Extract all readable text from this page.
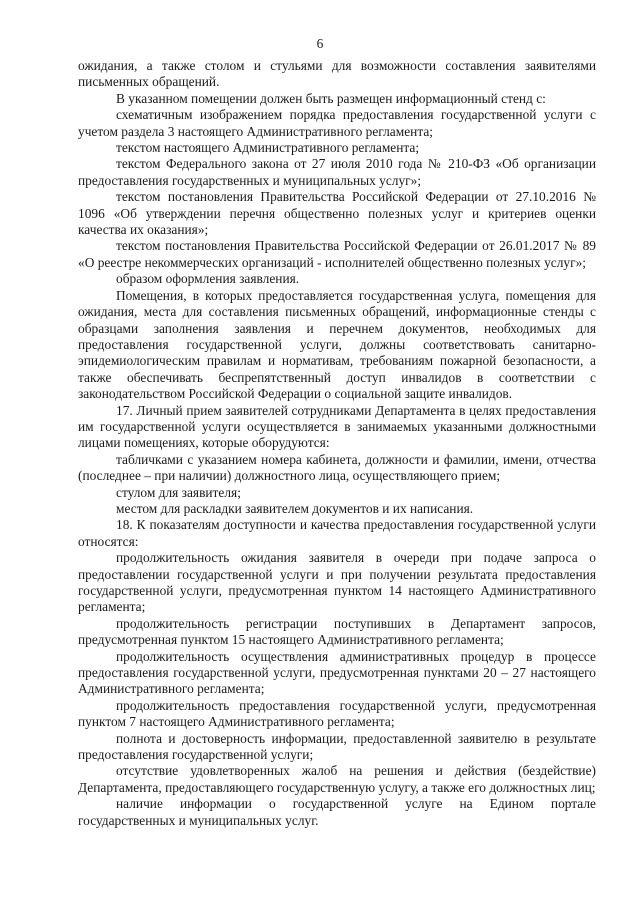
6

ожидания, а также столом и стульями для возможности составления заявителями письменных обращений.

В указанном помещении должен быть размещен информационный стенд с:

схематичным изображением порядка предоставления государственной услуги с учетом раздела 3 настоящего Административного регламента;

текстом настоящего Административного регламента;

текстом Федерального закона от 27 июля 2010 года № 210-ФЗ «Об организации предоставления государственных и муниципальных услуг»;

текстом постановления Правительства Российской Федерации от 27.10.2016 № 1096 «Об утверждении перечня общественно полезных услуг и критериев оценки качества их оказания»;

текстом постановления Правительства Российской Федерации от 26.01.2017 № 89 «О реестре некоммерческих организаций - исполнителей общественно полезных услуг»;

образом оформления заявления.

Помещения, в которых предоставляется государственная услуга, помещения для ожидания, места для составления письменных обращений, информационные стенды с образцами заполнения заявления и перечнем документов, необходимых для предоставления государственной услуги, должны соответствовать санитарно-эпидемиологическим правилам и нормативам, требованиям пожарной безопасности, а также обеспечивать беспрепятственный доступ инвалидов в соответствии с законодательством Российской Федерации о социальной защите инвалидов.

17. Личный прием заявителей сотрудниками Департамента в целях предоставления им государственной услуги осуществляется в занимаемых указанными должностными лицами помещениях, которые оборудуются:

табличками с указанием номера кабинета, должности и фамилии, имени, отчества (последнее – при наличии) должностного лица, осуществляющего прием;

стулом для заявителя;

местом для раскладки заявителем документов и их написания.

18. К показателям доступности и качества предоставления государственной услуги относятся:

продолжительность ожидания заявителя в очереди при подаче запроса о предоставлении государственной услуги и при получении результата предоставления государственной услуги, предусмотренная пунктом 14 настоящего Административного регламента;

продолжительность регистрации поступивших в Департамент запросов, предусмотренная пунктом 15 настоящего Административного регламента;

продолжительность осуществления административных процедур в процессе предоставления государственной услуги, предусмотренная пунктами 20 – 27 настоящего Административного регламента;

продолжительность предоставления государственной услуги, предусмотренная пунктом 7 настоящего Административного регламента;

полнота и достоверность информации, предоставленной заявителю в результате предоставления государственной услуги;

отсутствие удовлетворенных жалоб на решения и действия (бездействие) Департамента, предоставляющего государственную услугу, а также его должностных лиц;

наличие информации о государственной услуге на Едином портале государственных и муниципальных услуг.
